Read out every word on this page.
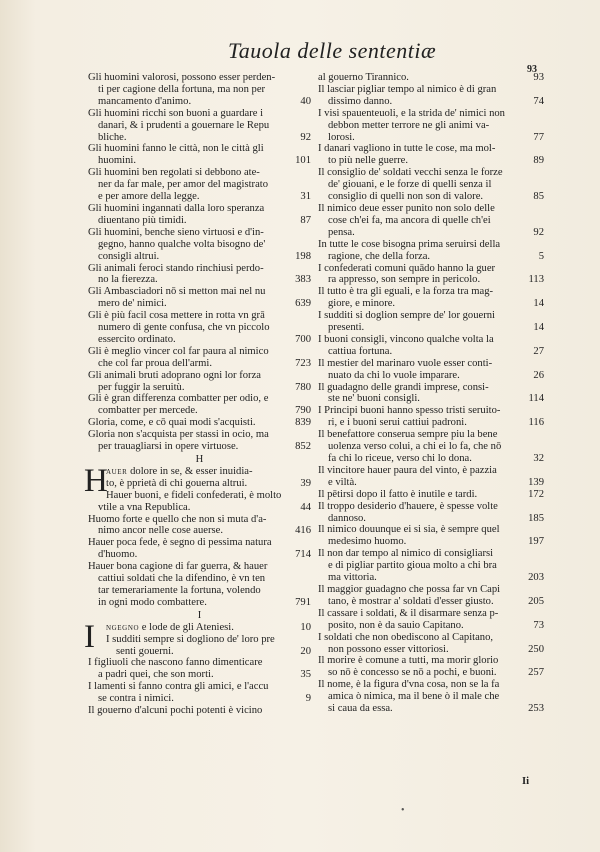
Tauola delle sententiæ
93
Gli huomini valorosi, possono esser perden-
ti per cagione della fortuna, ma non per
mancamento d'animo.	40
Gli huomini ricchi son buoni a guardare i
danari, & i prudenti a gouernare le Repu
bliche.	92
Gli huomini fanno le città, non le città gli
huomini.	101
Gli huomini ben regolati si debbono ate-
ner da far male, per amor del magistrato
e per amore della legge.	31
Gli huomini ingannati dalla loro speranza
diuentano più timidi.	87
Gli huomini, benche sieno virtuosi e d'in-
gegno, hanno qualche volta bisogno de'
consigli altrui.	198
Gli animali feroci stando rinchiusi perdo-
no la fierezza.	383
Gli Ambasciadori nō si metton mai nel nu
mero de' nimici.	639
Gli è più facil cosa mettere in rotta vn grā
numero di gente confusa, che vn piccolo
essercito ordinato.	700
Gli è meglio vincer col far paura al nimico
che col far proua dell'armi.	723
Gli animali bruti adoprano ogni lor forza
per fuggir la seruitù.	780
Gli è gran differenza combatter per odio, e
combatter per mercede.	790
Gloria, come, e cō quai modi s'acquisti.	839
Gloria non s'acquista per stassi in ocio, ma
per trauagliarsi in opere virtuose.	852
H
H
auer dolore in se, & esser inuidia-
to, è pprietà di chi gouerna altrui.	39
Hauer buoni, e fideli confederati, è molto
vtile a vna Republica.	44
Huomo forte e quello che non si muta d'a-
nimo ancor nelle cose auerse.	416
Hauer poca fede, è segno di pessima natura
d'huomo.	714
Hauer bona cagione di far guerra, & hauer
cattiui soldati che la difendino, è vn ten
tar temerariamente la fortuna, volendo
in ogni modo combattere.	791
I
I	ngegno e lode de gli Ateniesi.	10
I sudditi sempre si dogliono de' loro pre
senti gouerni.	20
I figliuoli che nascono fanno dimenticare
a padri quei, che son morti.	35
I lamenti si fanno contra gli amici, e l'accu
se contra i nimici.	9
Il gouerno d'alcuni pochi potenti è vicino
al gouerno Tirannico.	93
Il lasciar pigliar tempo al nimico è di gran
dissimo danno.	74
I visi spauenteuoli, e la strida de' nimici non
debbon metter terrore ne gli animi va-
lorosi.	77
I danari vagliono in tutte le cose, ma mol-
to più nelle guerre.	89
Il consiglio de' soldati vecchi senza le forze
de' giouani, e le forze di quelli senza il
consiglio di quelli non son di valore.	85
Il nimico deue esser punito non solo delle
cose ch'ei fa, ma ancora di quelle ch'ei
pensa.	92
In tutte le cose bisogna prima seruirsi della
ragione, che della forza.	5
I confederati comuni quādo hanno la guer
ra appresso, son sempre in pericolo.	113
Il tutto è tra gli eguali, e la forza tra mag-
giore, e minore.	14
I sudditi si doglion sempre de' lor gouerni
presenti.	14
I buoni consigli, vincono qualche volta la
cattiua fortuna.	27
Il mestier del marinaro vuole esser conti-
nuato da chi lo vuole imparare.	26
Il guadagno delle grandi imprese, consi-
ste ne' buoni consigli.	114
I Principi buoni hanno spesso tristi seruito-
ri, e i buoni serui cattiui padroni.	116
Il benefattore conserua sempre piu la bene
uolenza verso colui, a chi ei lo fa, che nō
fa chi lo riceue, verso chi lo dona.	32
Il vincitore hauer paura del vinto, è pazzia
e viltà.	139
Il pētirsi dopo il fatto è inutile e tardi.	172
Il troppo desiderio d'hauere, è spesse volte
dannoso.	185
Il nimico douunque ei si sia, è sempre quel
medesimo huomo.	197
Il non dar tempo al nimico di consigliarsi
e di pigliar partito gioua molto a chi bra
ma vittoria.	203
Il maggior guadagno che possa far vn Capi
tano, è mostrar a' soldati d'esser giusto.	205
Il cassare i soldati, & il disarmare senza p-
posito, non è da sauio Capitano.	73
I soldati che non obediscono al Capitano,
non possono esser vittoriosi.	250
Il morire è comune a tutti, ma morir glorio
so nō è concesso se nō a pochi, e buoni.	257
Il nome, è la figura d'vna cosa, non se la fa
amica ò nimica, ma il bene ò il male che
si caua da essa.	253
Ii
•
